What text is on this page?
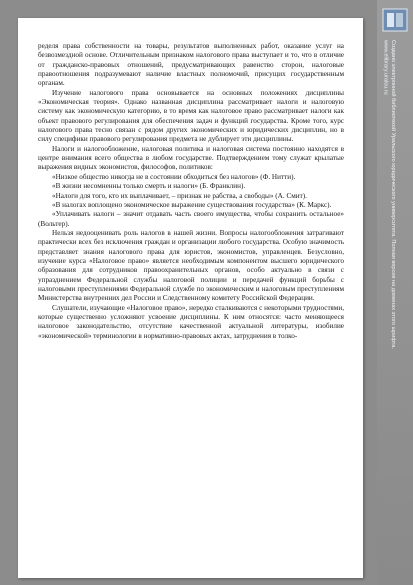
ределя права собственности на товары, результатов выполненных работ, оказание услуг на безвозмездной основе. Отличительным признаком налогового права выступает и то, что в отличие от гражданско-правовых отношений, предусматривающих равенство сторон, налоговые правоотношения подразумевают наличие властных полномочий, присущих государственным органам.

Изучение налогового права основывается на основных положениях дисциплины «Экономическая теория». Однако названная дисциплина рассматривает налоги и налоговую систему как экономическую категорию, в то время как налоговое право рассматривает налоги как объект правового регулирования для обеспечения задач и функций государства. Кроме того, курс налогового права тесно связан с рядом других экономических и юридических дисциплин, но в силу специфики правового регулирования предмета не дублирует эти дисциплины.

Налоги и налогообложение, налоговая политика и налоговая система постоянно находятся в центре внимания всего общества в любом государстве. Подтверждением тому служат крылатые выражения видных экономистов, философов, политиков:

«Низкое общество никогда не в состоянии обходиться без налогов» (Ф. Нитти).

«В жизни несомненны только смерть и налоги» (Б. Франклин).

«Налоги для того, кто их выплачивает, – признак не рабства, а свободы» (А. Смит).

«В налогах воплощено экономическое выражение существования государства» (К. Маркс).

«Уплачивать налоги – значит отдавать часть своего имущества, чтобы сохранить остальное» (Вольтер).

Нельзя недооценивать роль налогов в нашей жизни. Вопросы налогообложения затрагивают практически всех без исключения граждан и организации любого государства. Особую значимость представляет знания налогового права для юристов, экономистов, управленцев. Безусловно, изучение курса «Налоговое право» является необходимым компонентом высшего юридического образования для сотрудников правоохранительных органов, особо актуально в связи с упразднением Федеральной службы налоговой полиции и передачей функций борьбы с налоговыми преступлениями Федеральной службе по экономическим и налоговым преступлениям Министерства внутренних дел России и Следственному комитету Российской Федерации.

Слушатели, изучающие «Налоговое право», нередко сталкиваются с некоторыми трудностями, которые существенно усложняют усвоение дисциплины. К ним относятся: часто меняющееся налоговое законодательство, отсутствие качественной актуальной литературы, изобилие «экономической» терминологии в нормативно-правовых актах, затруднения в толко-	Создано электронной библиотекой Уральского юридического университета. Полная версия на доменах этого шрифта.
www.elibrary.uralsu.ru
